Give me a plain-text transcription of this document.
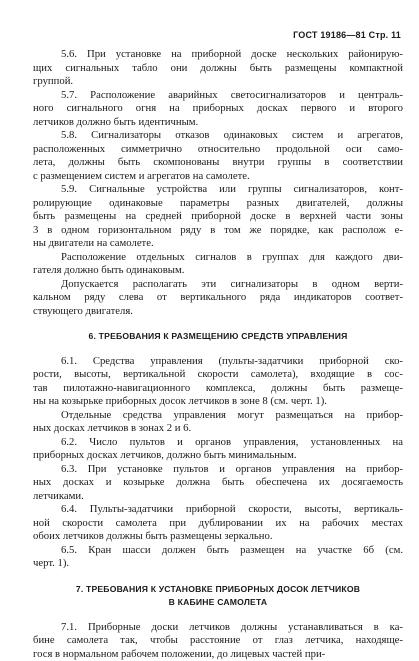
ГОСТ 19186—81 Стр. 11
5.6. При установке на приборной доске нескольких районирую-
щих сигнальных табло они должны быть размещены компактной
группой.
5.7. Расположение аварийных светосигнализаторов и централь-
ного сигнального огня на приборных досках первого и второго
летчиков должно быть идентичным.
5.8. Сигнализаторы отказов одинаковых систем и агрегатов,
расположенных симметрично относительно продольной оси само-
лета, должны быть скомпонованы внутри группы в соответствии
с размещением систем и агрегатов на самолете.
5.9. Сигнальные устройства или группы сигнализаторов, конт-
ролирующие одинаковые параметры разных двигателей, должны
быть размещены на средней приборной доске в верхней части зоны
3 в одном горизонтальном ряду в том же порядке, как располож е-
ны двигатели на самолете.
Расположение отдельных сигналов в группах для каждого дви-
гателя должно быть одинаковым.
Допускается располагать эти сигнализаторы в одном верти-
кальном ряду слева от вертикального ряда индикаторов соответ-
ствующего двигателя.

6. ТРЕБОВАНИЯ К РАЗМЕЩЕНИЮ СРЕДСТВ УПРАВЛЕНИЯ

6.1. Средства управления (пульты-задатчики приборной ско-
рости, высоты, вертикальной скорости самолета), входящие в сос-
тав пилотажно-навигационного комплекса, должны быть размеще-
ны на козырьке приборных досок летчиков в зоне 8 (см. черт. 1).
Отдельные средства управления могут размещаться на прибор-
ных досках летчиков в зонах 2 и 6.
6.2. Число пультов и органов управления, установленных на
приборных досках летчиков, должно быть минимальным.
6.3. При установке пультов и органов управления на прибор-
ных досках и козырьке должна быть обеспечена их досягаемость
летчиками.
6.4. Пульты-задатчики приборной скорости, высоты, вертикаль-
ной скорости самолета при дублировании их на рабочих местах
обоих летчиков должны быть размещены зеркально.
6.5. Кран шасси должен быть размещен на участке 6б (см.
черт. 1).

7. ТРЕБОВАНИЯ К УСТАНОВКЕ ПРИБОРНЫХ ДОСОК ЛЕТЧИКОВ

В КАБИНЕ САМОЛЕТА

7.1. Приборные доски летчиков должны устанавливаться в ка-
бине самолета так, чтобы расстояние от глаз летчика, находяще-
гося в нормальном рабочем положении, до лицевых частей при-
